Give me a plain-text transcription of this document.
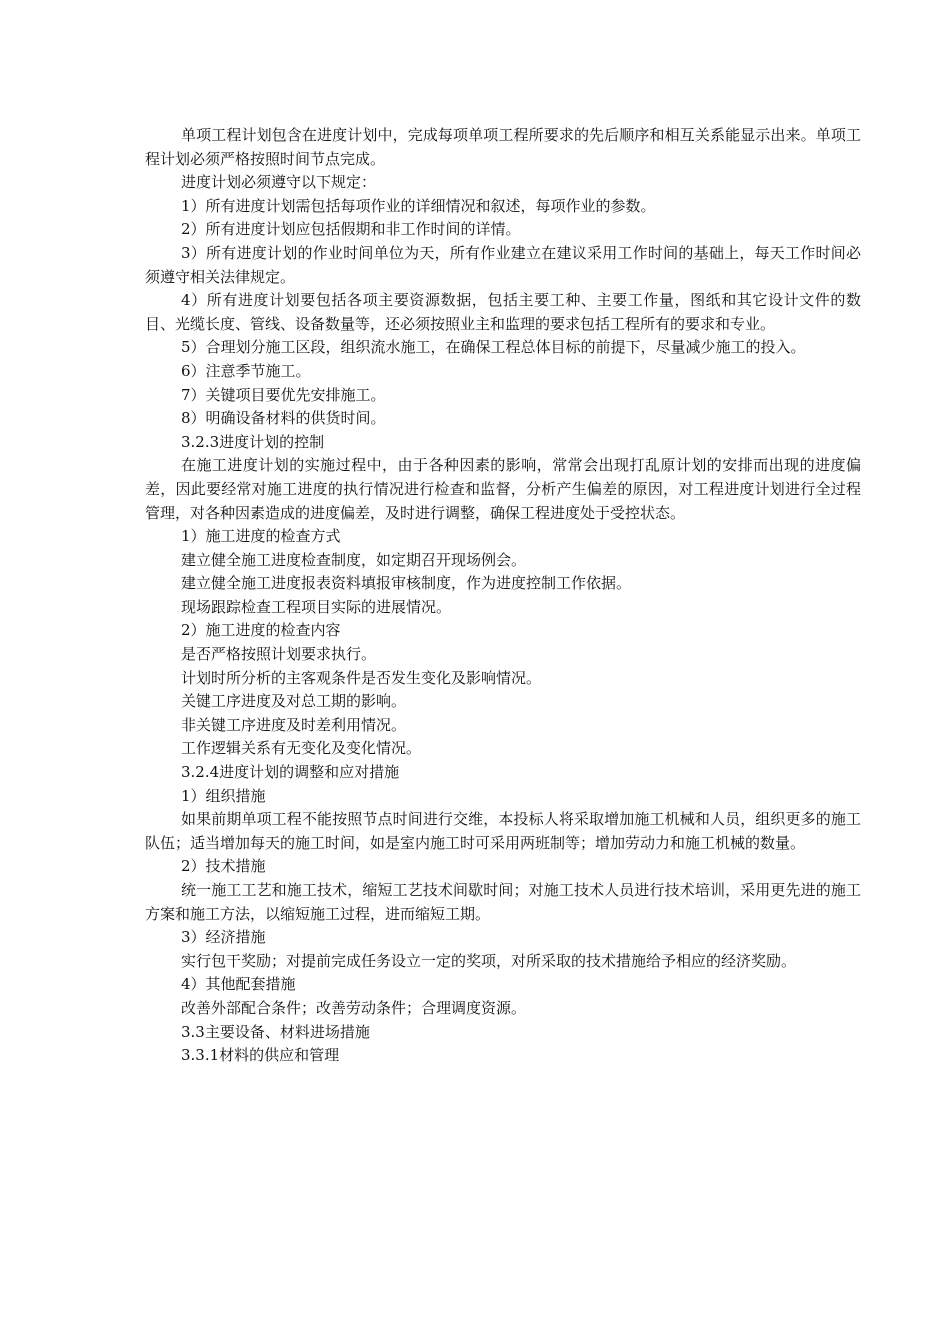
单项工程计划包含在进度计划中，完成每项单项工程所要求的先后顺序和相互关系能显示出来。单项工程计划必须严格按照时间节点完成。

进度计划必须遵守以下规定：

1）所有进度计划需包括每项作业的详细情况和叙述，每项作业的参数。

2）所有进度计划应包括假期和非工作时间的详情。

3）所有进度计划的作业时间单位为天，所有作业建立在建议采用工作时间的基础上，每天工作时间必须遵守相关法律规定。

4）所有进度计划要包括各项主要资源数据，包括主要工种、主要工作量，图纸和其它设计文件的数目、光缆长度、管线、设备数量等，还必须按照业主和监理的要求包括工程所有的要求和专业。

5）合理划分施工区段，组织流水施工，在确保工程总体目标的前提下，尽量减少施工的投入。

6）注意季节施工。

7）关键项目要优先安排施工。

8）明确设备材料的供货时间。

3.2.3进度计划的控制

在施工进度计划的实施过程中，由于各种因素的影响，常常会出现打乱原计划的安排而出现的进度偏差，因此要经常对施工进度的执行情况进行检查和监督，分析产生偏差的原因，对工程进度计划进行全过程管理，对各种因素造成的进度偏差，及时进行调整，确保工程进度处于受控状态。

1）施工进度的检查方式

建立健全施工进度检查制度，如定期召开现场例会。

建立健全施工进度报表资料填报审核制度，作为进度控制工作依据。

现场跟踪检查工程项目实际的进展情况。

2）施工进度的检查内容

是否严格按照计划要求执行。

计划时所分析的主客观条件是否发生变化及影响情况。

关键工序进度及对总工期的影响。

非关键工序进度及时差利用情况。

工作逻辑关系有无变化及变化情况。

3.2.4进度计划的调整和应对措施

1）组织措施

如果前期单项工程不能按照节点时间进行交维，本投标人将采取增加施工机械和人员，组织更多的施工队伍；适当增加每天的施工时间，如是室内施工时可采用两班制等；增加劳动力和施工机械的数量。

2）技术措施

统一施工工艺和施工技术，缩短工艺技术间歇时间；对施工技术人员进行技术培训，采用更先进的施工方案和施工方法，以缩短施工过程，进而缩短工期。

3）经济措施

实行包干奖励；对提前完成任务设立一定的奖项，对所采取的技术措施给予相应的经济奖励。

4）其他配套措施

改善外部配合条件；改善劳动条件；合理调度资源。

3.3主要设备、材料进场措施

3.3.1材料的供应和管理
